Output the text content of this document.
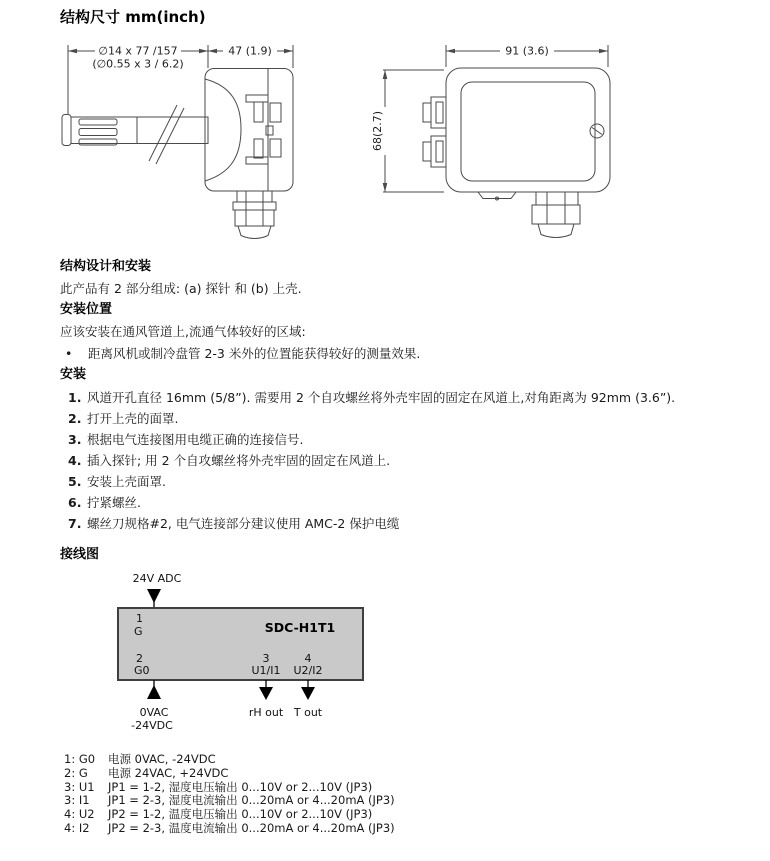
结构尺寸 mm(inch)
∅14 x 77 /157
(∅0.55 x 3 / 6.2)
47 (1.9)	91 (3.6)
68(2.7)
结构设计和安装

此产品有 2 部分组成: (a) 探针 和 (b) 上壳.

安装位置

应该安装在通风管道上,流通气体较好的区域:

•	距离风机或制冷盘管 2-3 米外的位置能获得较好的测量效果.
安装
1. 风道开孔直径 16mm (5/8”). 需要用 2 个自攻螺丝将外壳牢固的固定在风道上,对角距离为 92mm (3.6”).
2. 打开上壳的面罩.
3. 根据电气连接图用电缆正确的连接信号.
4. 插入探针; 用 2 个自攻螺丝将外壳牢固的固定在风道上.
5. 安装上壳面罩.
6. 拧紧螺丝.
7. 螺丝刀规格#2, 电气连接部分建议使用 AMC-2 保护电缆
接线图
24V ADC
1
G	SDC-H1T1
2
G0
3
U1/I1
4
U2/I2
0VAC
-24VDC
rH out T out
1: G0	电源 0VAC, -24VDC
2: G	电源 24VAC, +24VDC
3: U1	JP1 = 1-2, 湿度电压输出 0...10V or 2...10V (JP3)
3: I1	JP1 = 2-3, 湿度电流输出 0...20mA or 4...20mA (JP3)
4: U2	JP2 = 1-2, 温度电压输出 0...10V or 2...10V (JP3)
4: I2	JP2 = 2-3, 温度电流输出 0...20mA or 4...20mA (JP3)
